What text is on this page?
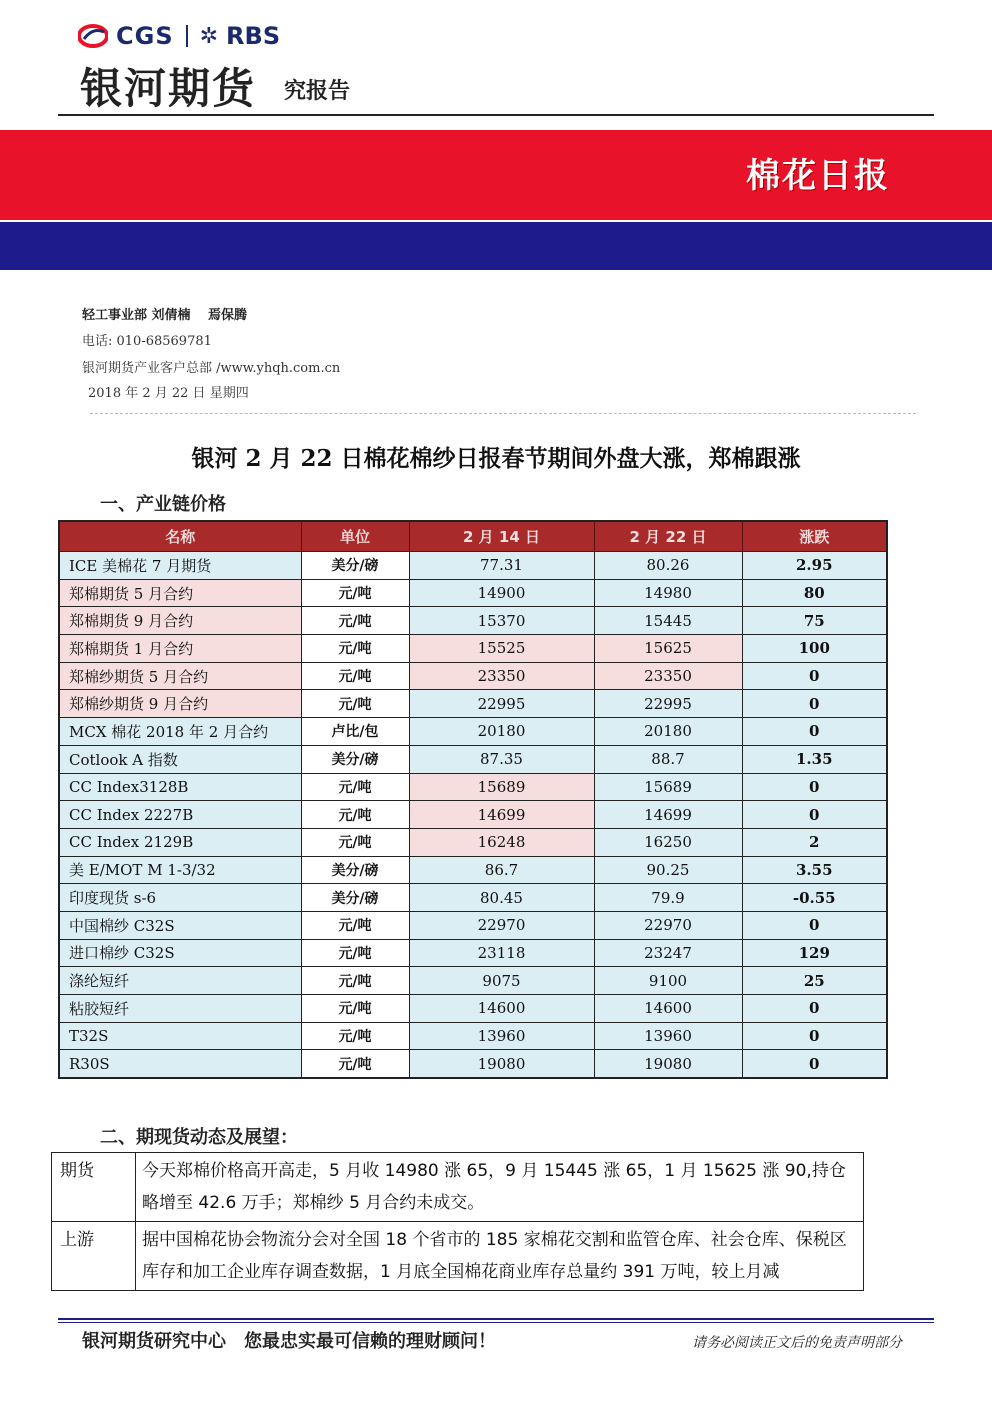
CGS ✲ RBS
银河期货 究报告
棉花日报
轻工事业部 刘倩楠　 焉保腾
电话: 010-68569781
银河期货产业客户总部 /www.yhqh.com.cn
2018 年 2 月 22 日 星期四
银河 2 月 22 日棉花棉纱日报春节期间外盘大涨，郑棉跟涨
一、产业链价格
名称	单位	2 月 14 日	2 月 22 日	涨跌
ICE 美棉花 7 月期货	美分/磅	77.31	80.26	2.95
郑棉期货 5 月合约	元/吨	14900	14980	80
郑棉期货 9 月合约	元/吨	15370	15445	75
郑棉期货 1 月合约	元/吨	15525	15625	100
郑棉纱期货 5 月合约	元/吨	23350	23350	0
郑棉纱期货 9 月合约	元/吨	22995	22995	0
MCX 棉花 2018 年 2 月合约	卢比/包	20180	20180	0
Cotlook A 指数	美分/磅	87.35	88.7	1.35
CC Index3128B	元/吨	15689	15689	0
CC Index 2227B	元/吨	14699	14699	0
CC Index 2129B	元/吨	16248	16250	2
美 E/MOT M 1-3/32	美分/磅	86.7	90.25	3.55
印度现货 s-6	美分/磅	80.45	79.9	-0.55
中国棉纱 C32S	元/吨	22970	22970	0
进口棉纱 C32S	元/吨	23118	23247	129
涤纶短纤	元/吨	9075	9100	25
粘胶短纤	元/吨	14600	14600	0
T32S	元/吨	13960	13960	0
R30S	元/吨	19080	19080	0
二、期现货动态及展望：
期货	今天郑棉价格高开高走，5 月收 14980 涨 65，9 月 15445 涨 65，1 月 15625 涨 90,持仓略增至 42.6 万手；郑棉纱 5 月合约未成交。
上游	据中国棉花协会物流分会对全国 18 个省市的 185 家棉花交割和监管仓库、社会仓库、保税区库存和加工企业库存调查数据，1 月底全国棉花商业库存总量约 391 万吨，较上月减
银河期货研究中心　您最忠实最可信赖的理财顾问！	请务必阅读正文后的免责声明部分
